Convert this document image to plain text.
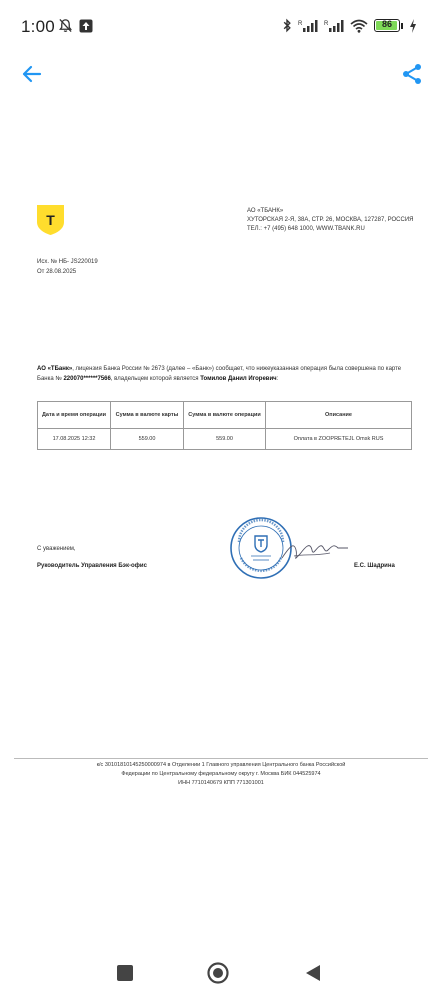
1:00	R	R	86
T
АО «ТБАНК»
ХУТОРСКАЯ 2-Я, 38А, СТР. 26, МОСКВА, 127287, РОССИЯ
ТЕЛ.: +7 (495) 648 1000, WWW.TBANK.RU
Исх. № НБ- JS220019
От 28.08.2025
АО «ТБанк», лицензия Банка России № 2673 (далее – «Банк») сообщает, что нижеуказанная операция была совершена по карте Банка № 220070******7566, владельцем которой является Томилов Данил Игоревич:
Дата и время операции	Сумма в валюте карты	Сумма в валюте операции	Описание
17.08.2025 12:32	559.00	559.00	Оплата в ZOOPRETEJL Omsk RUS
С уважением,
Руководитель Управления Бэк-офис	Е.С. Шадрина
к/с 30101810145250000974 в Отделении 1 Главного управления Центрального банка Российской
Федерации по Центральному федеральному округу г. Москва БИК 044525974
ИНН 7710140679 КПП 771301001
